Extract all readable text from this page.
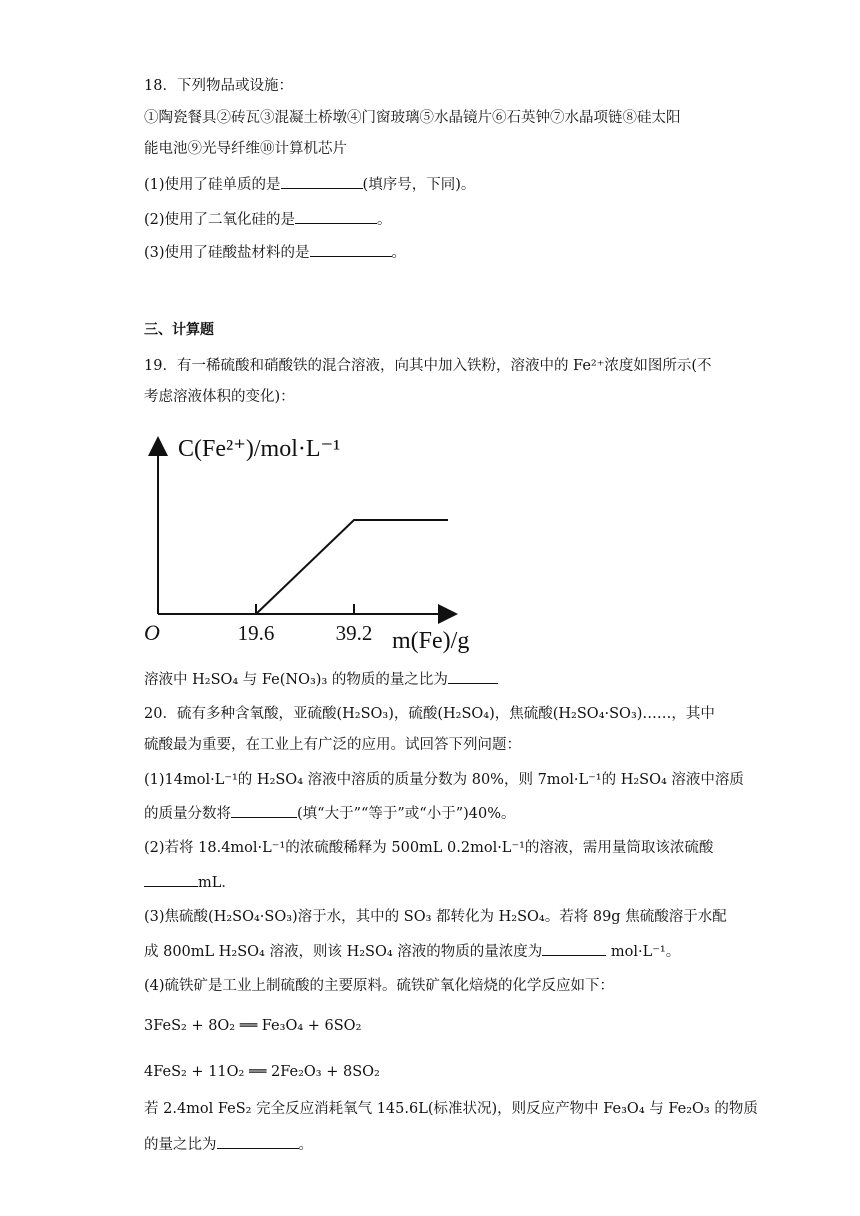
18．下列物品或设施：
①陶瓷餐具②砖瓦③混凝土桥墩④门窗玻璃⑤水晶镜片⑥石英钟⑦水晶项链⑧硅太阳
能电池⑨光导纤维⑩计算机芯片
(1)使用了硅单质的是	(填序号，下同)。
(2)使用了二氧化硅的是	。
(3)使用了硅酸盐材料的是	。
三、计算题
19．有一稀硫酸和硝酸铁的混合溶液，向其中加入铁粉，溶液中的 Fe²⁺浓度如图所示(不
考虑溶液体积的变化)：
C(Fe²⁺)/mol·L⁻¹
m(Fe)/g
O	19.6	39.2
溶液中 H₂SO₄ 与 Fe(NO₃)₃ 的物质的量之比为
20．硫有多种含氧酸，亚硫酸(H₂SO₃)，硫酸(H₂SO₄)，焦硫酸(H₂SO₄·SO₃)……，其中
硫酸最为重要，在工业上有广泛的应用。试回答下列问题：
(1)14mol·L⁻¹的 H₂SO₄ 溶液中溶质的质量分数为 80%，则 7mol·L⁻¹的 H₂SO₄ 溶液中溶质
的质量分数将	(填“大于”“等于”或“小于”)40%。
(2)若将 18.4mol·L⁻¹的浓硫酸稀释为 500mL 0.2mol·L⁻¹的溶液，需用量筒取该浓硫酸
mL．
(3)焦硫酸(H₂SO₄·SO₃)溶于水，其中的 SO₃ 都转化为 H₂SO₄。若将 89g 焦硫酸溶于水配
成 800mL H₂SO₄ 溶液，则该 H₂SO₄ 溶液的物质的量浓度为	mol·L⁻¹。
(4)硫铁矿是工业上制硫酸的主要原料。硫铁矿氧化焙烧的化学反应如下：
3FeS₂ + 8O₂ ══ Fe₃O₄ + 6SO₂
4FeS₂ + 11O₂ ══ 2Fe₂O₃ + 8SO₂
若 2.4mol FeS₂ 完全反应消耗氧气 145.6L(标准状况)，则反应产物中 Fe₃O₄ 与 Fe₂O₃ 的物质
的量之比为	。
